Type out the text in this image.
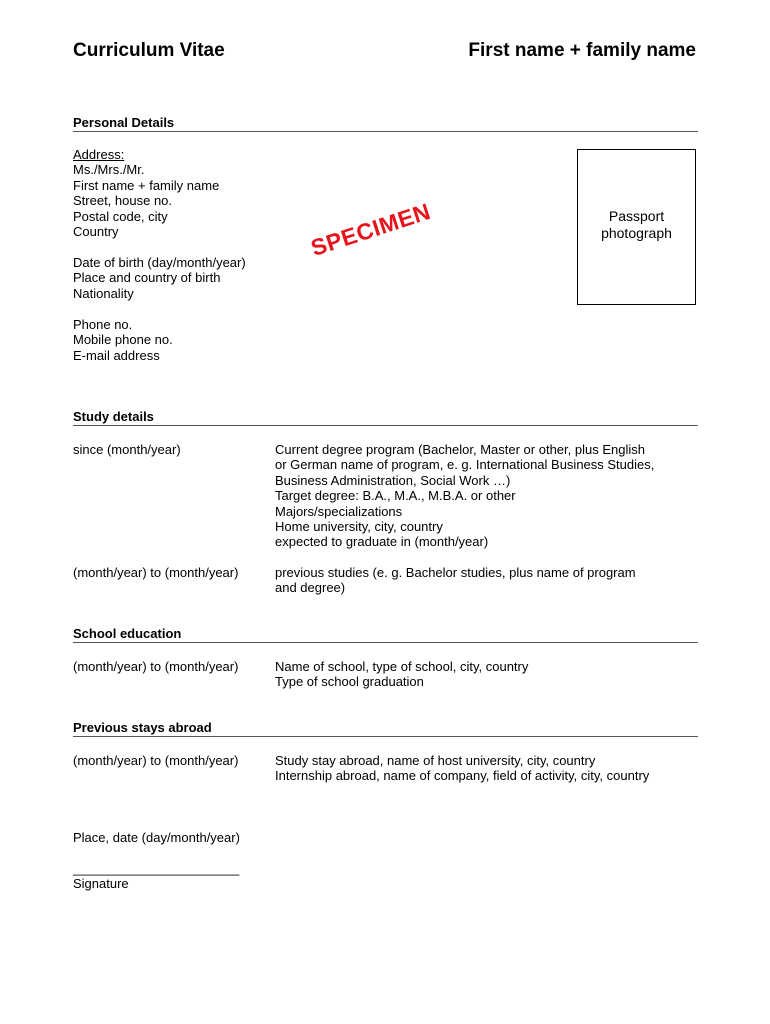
Curriculum Vitae	First name + family name
Personal Details
Address:
Ms./Mrs./Mr.
First name + family name
Street, house no.
Postal code, city
Country
Date of birth (day/month/year)
Place and country of birth
Nationality
Phone no.
Mobile phone no.
E-mail address
SPECIMEN	Passport
photograph
Study details
since (month/year)	Current degree program (Bachelor, Master or other, plus English
or German name of program, e. g. International Business Studies,
Business Administration, Social Work …)
Target degree: B.A., M.A., M.B.A. or other
Majors/specializations
Home university, city, country
expected to graduate in (month/year)
(month/year) to (month/year)	previous studies (e. g. Bachelor studies, plus name of program
and degree)
School education
(month/year) to (month/year)	Name of school, type of school, city, country
Type of school graduation
Previous stays abroad
(month/year) to (month/year)	Study stay abroad, name of host university, city, country
Internship abroad, name of company, field of activity, city, country
Place, date (day/month/year)
_______________________
Signature
